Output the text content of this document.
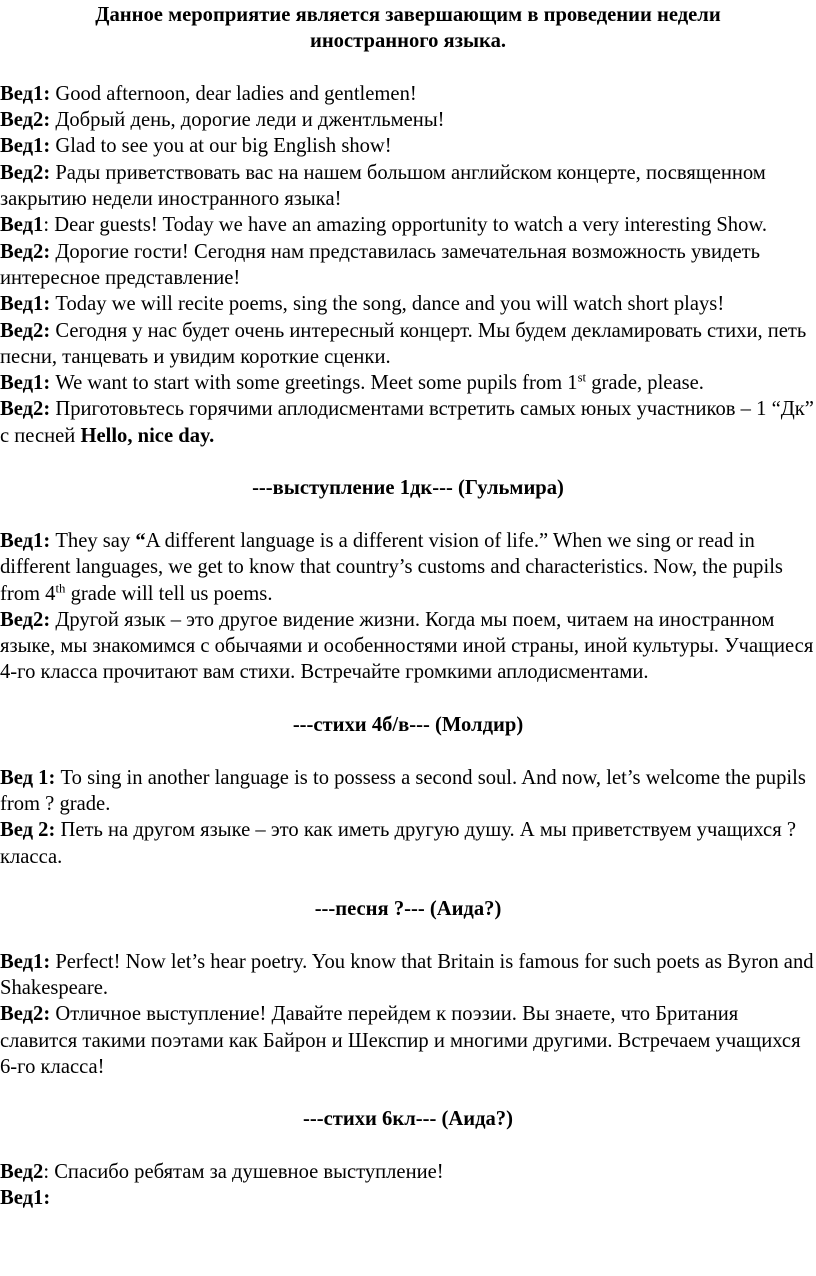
Данное мероприятие является завершающим в проведении недели иностранного языка.

Вед1: Good afternoon, dear ladies and gentlemen!

Вед2: Добрый день, дорогие леди и джентльмены!

Вед1: Glad to see you at our big English show!

Вед2: Рады приветствовать вас на нашем большом английском концерте, посвященном закрытию недели иностранного языка!

Вед1: Dear guests! Today we have an amazing opportunity to watch a very interesting Show.

Вед2: Дорогие гости! Сегодня нам представилась замечательная возможность увидеть интересное представление!

Вед1: Today we will recite poems, sing the song, dance and you will watch short plays!

Вед2: Сегодня у нас будет очень интересный концерт. Мы будем декламировать стихи, петь песни, танцевать и увидим короткие сценки.

Вед1: We want to start with some greetings. Meet some pupils from 1st grade, please.

Вед2: Приготовьтесь горячими аплодисментами встретить самых юных участников – 1 “Дк” с песней Hello, nice day.

---выступление 1дк--- (Гульмира)

Вед1: They say “A different language is a different vision of life.” When we sing or read in different languages, we get to know that country’s customs and characteristics. Now, the pupils from 4th grade will tell us poems.

Вед2: Другой язык – это другое видение жизни. Когда мы поем, читаем на иностранном языке, мы знакомимся с обычаями и особенностями иной страны, иной культуры. Учащиеся 4-го класса прочитают вам стихи. Встречайте громкими аплодисментами.

---стихи 4б/в--- (Молдир)

Вед 1: To sing in another language is to possess a second soul. And now, let’s welcome the pupils from ? grade.

Вед 2: Петь на другом языке – это как иметь другую душу. А мы приветствуем учащихся ? класса.

---песня ?--- (Аида?)

Вед1: Perfect! Now let’s hear poetry. You know that Britain is famous for such poets as Byron and Shakespeare.

Вед2: Отличное выступление! Давайте перейдем к поэзии. Вы знаете, что Британия славится такими поэтами как Байрон и Шекспир и многими другими. Встречаем учащихся 6-го класса!

---стихи 6кл--- (Аида?)

Вед2: Спасибо ребятам за душевное выступление!

Вед1:
